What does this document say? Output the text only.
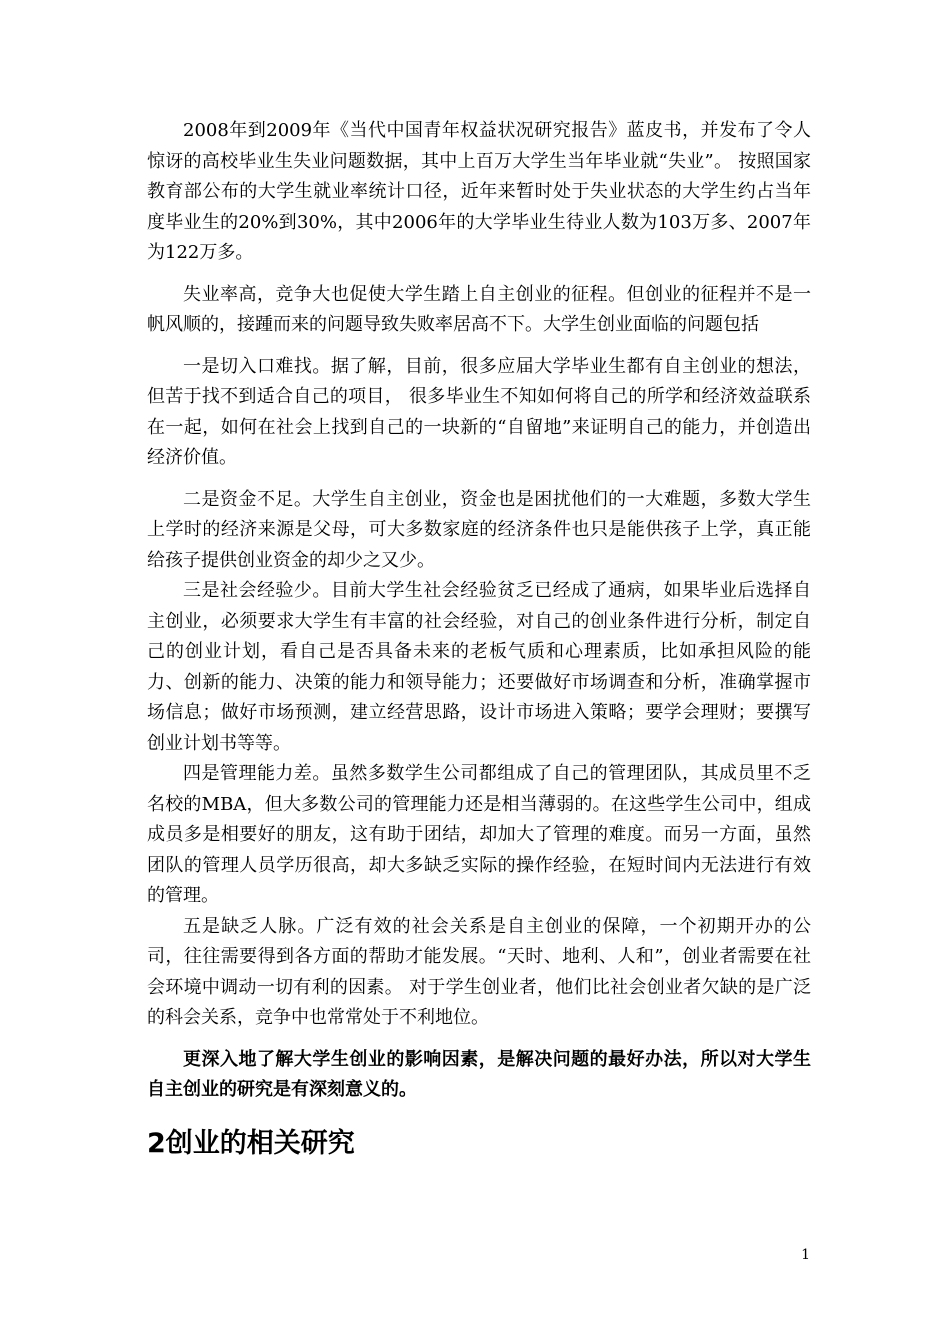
2008年到2009年《当代中国青年权益状况研究报告》蓝皮书，并发布了令人惊讶的高校毕业生失业问题数据，其中上百万大学生当年毕业就“失业”。 按照国家教育部公布的大学生就业率统计口径，近年来暂时处于失业状态的大学生约占当年度毕业生的20%到30%，其中2006年的大学毕业生待业人数为103万多、2007年为122万多。

失业率高，竞争大也促使大学生踏上自主创业的征程。但创业的征程并不是一帆风顺的，接踵而来的问题导致失败率居高不下。大学生创业面临的问题包括

一是切入口难找。据了解，目前，很多应届大学毕业生都有自主创业的想法，但苦于找不到适合自己的项目， 很多毕业生不知如何将自己的所学和经济效益联系在一起，如何在社会上找到自己的一块新的“自留地”来证明自己的能力，并创造出经济价值。

二是资金不足。大学生自主创业，资金也是困扰他们的一大难题，多数大学生上学时的经济来源是父母，可大多数家庭的经济条件也只是能供孩子上学，真正能给孩子提供创业资金的却少之又少。

三是社会经验少。目前大学生社会经验贫乏已经成了通病，如果毕业后选择自主创业，必须要求大学生有丰富的社会经验，对自己的创业条件进行分析，制定自己的创业计划，看自己是否具备未来的老板气质和心理素质，比如承担风险的能力、创新的能力、决策的能力和领导能力；还要做好市场调查和分析，准确掌握市场信息；做好市场预测，建立经营思路，设计市场进入策略；要学会理财；要撰写创业计划书等等。

四是管理能力差。虽然多数学生公司都组成了自己的管理团队，其成员里不乏名校的MBA，但大多数公司的管理能力还是相当薄弱的。在这些学生公司中，组成成员多是相要好的朋友，这有助于团结，却加大了管理的难度。而另一方面，虽然团队的管理人员学历很高，却大多缺乏实际的操作经验，在短时间内无法进行有效的管理。

五是缺乏人脉。广泛有效的社会关系是自主创业的保障，一个初期开办的公司，往往需要得到各方面的帮助才能发展。“天时、地利、人和”，创业者需要在社会环境中调动一切有利的因素。 对于学生创业者，他们比社会创业者欠缺的是广泛的科会关系，竞争中也常常处于不利地位。

更深入地了解大学生创业的影响因素，是解决问题的最好办法，所以对大学生自主创业的研究是有深刻意义的。

2创业的相关研究
1
